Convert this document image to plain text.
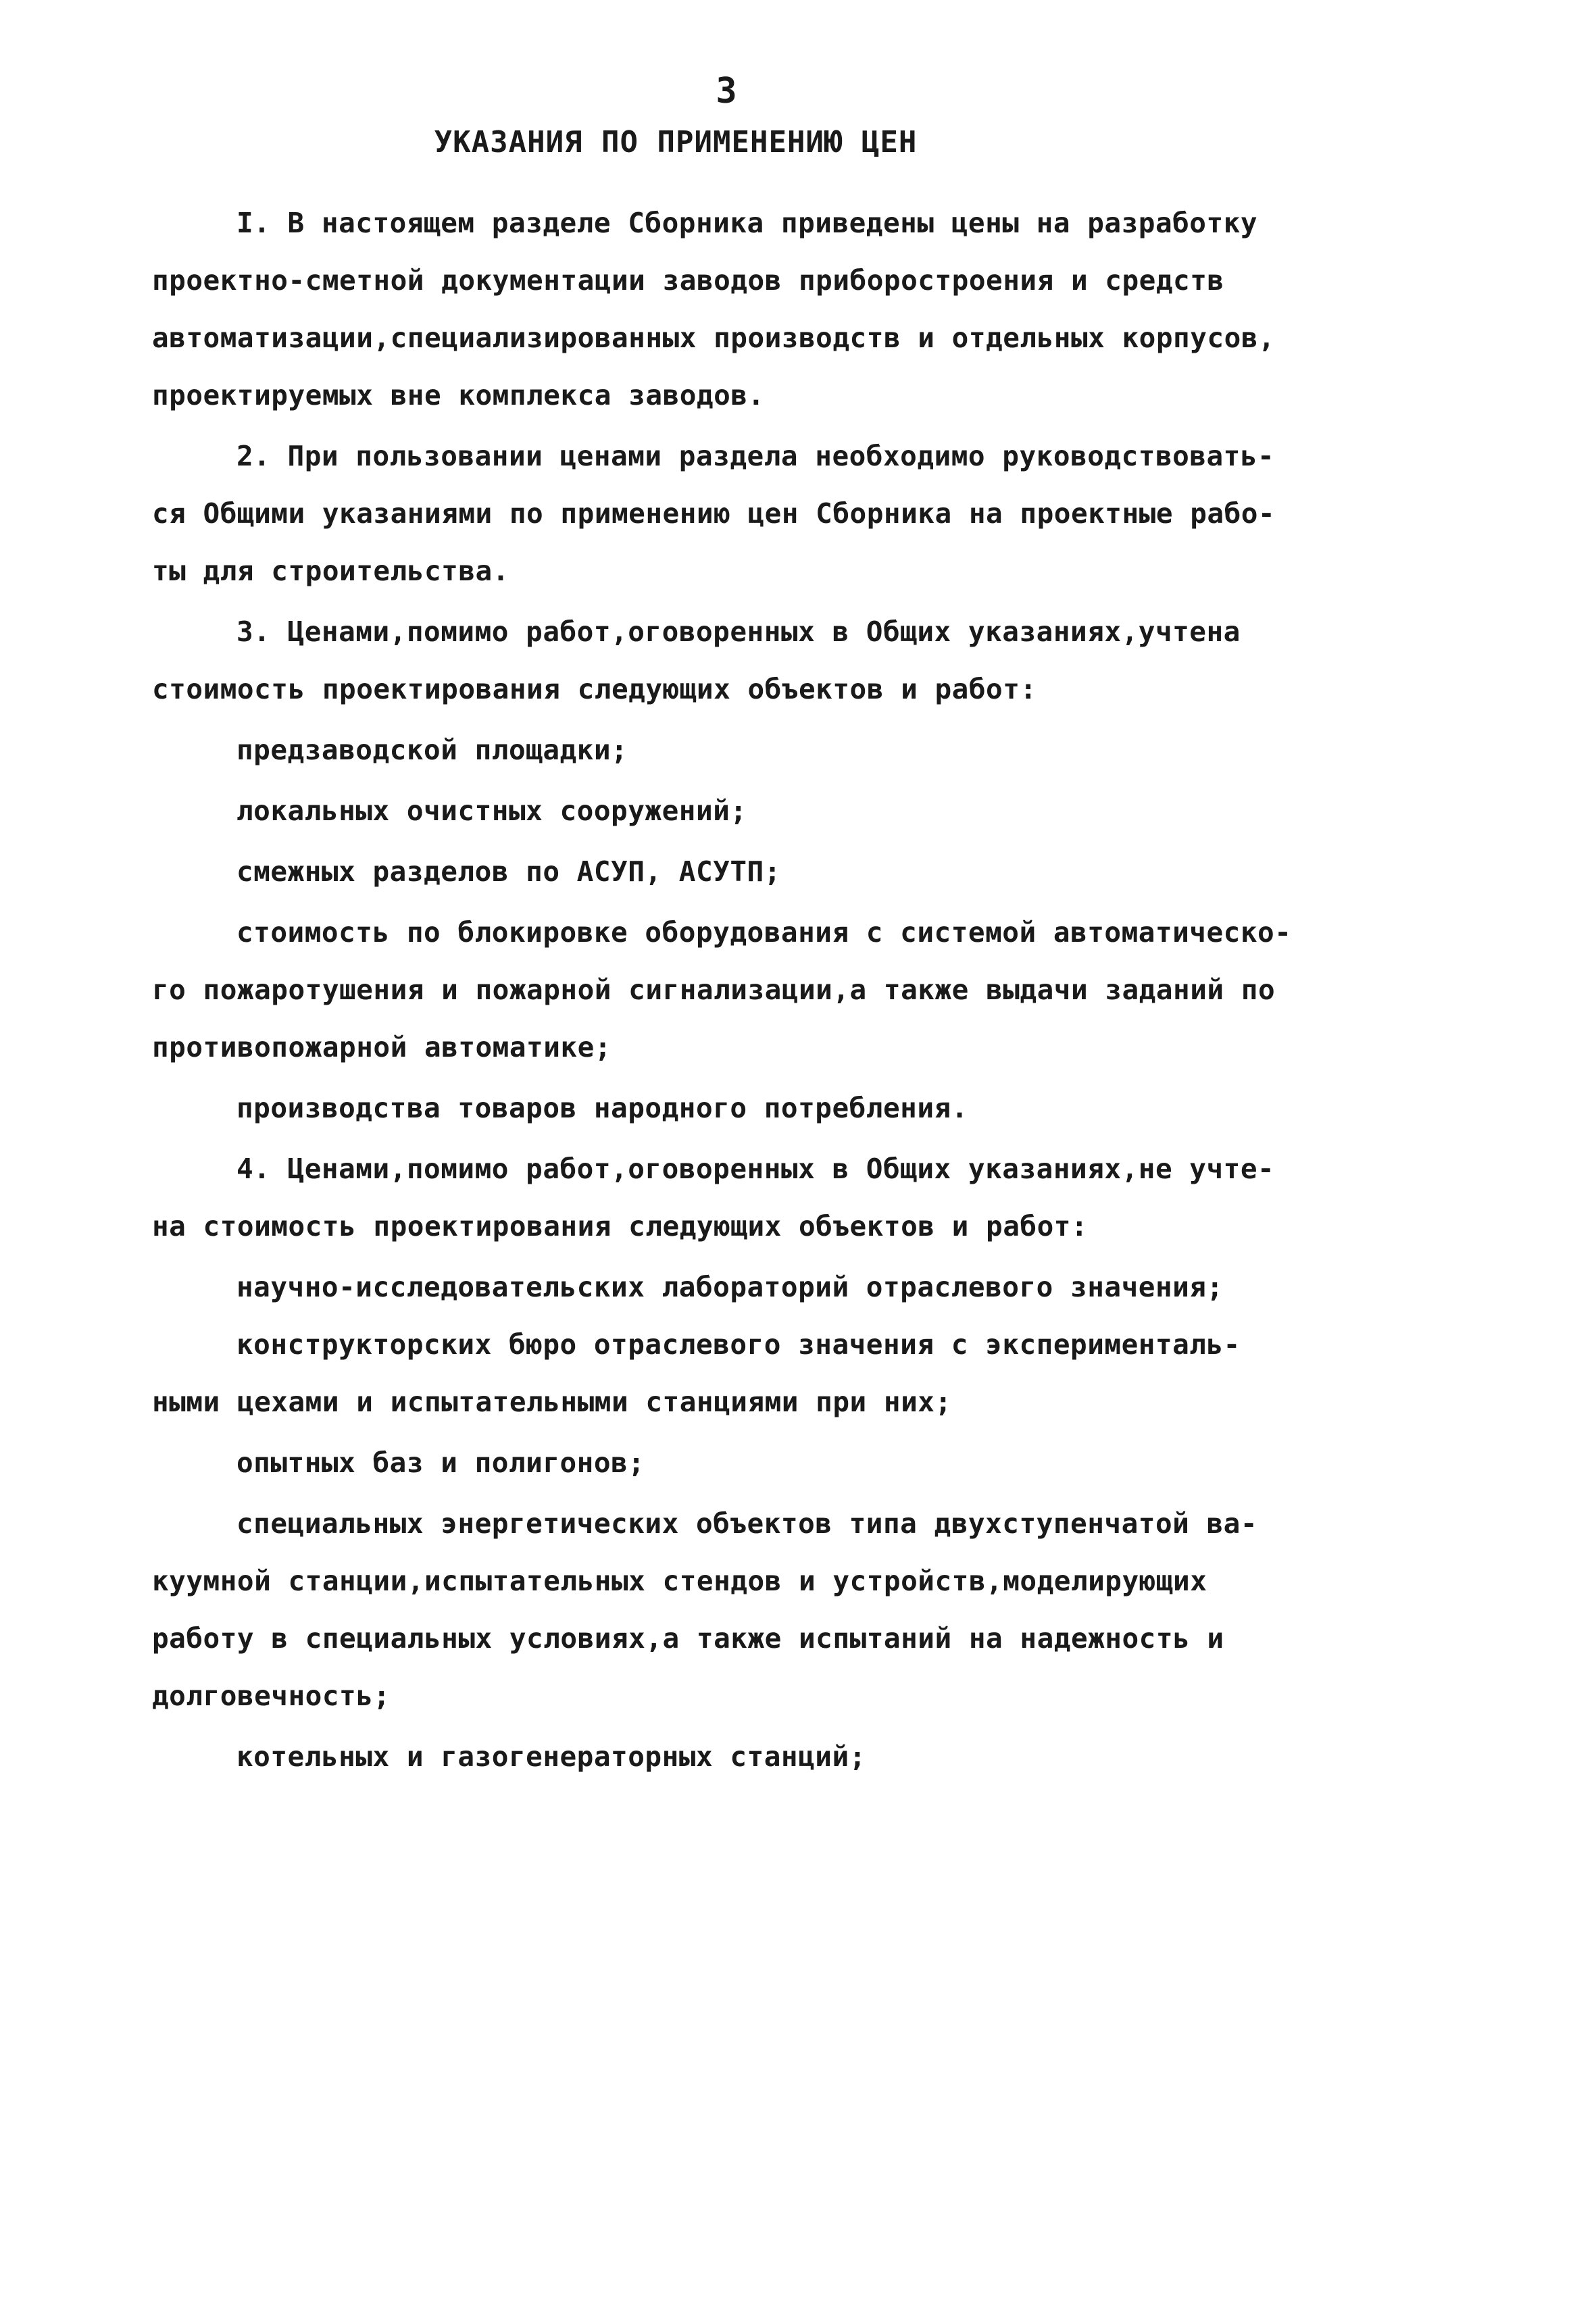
3
УКАЗАНИЯ ПО ПРИМЕНЕНИЮ ЦЕН
I. В настоящем разделе Сборника приведены цены на разработку
проектно-сметной документации заводов приборостроения и средств
автоматизации,специализированных производств и отдельных корпусов,
проектируемых вне комплекса заводов.
2. При пользовании ценами раздела необходимо руководствовать-
ся Общими указаниями по применению цен Сборника на проектные рабо-
ты для строительства.
3. Ценами,помимо работ,оговоренных в Общих указаниях,учтена
стоимость проектирования следующих объектов и работ:
предзаводской площадки;
локальных очистных сооружений;
смежных разделов по АСУП, АСУТП;
стоимость по блокировке оборудования с системой автоматическо-
го пожаротушения и пожарной сигнализации,а также выдачи заданий по
противопожарной автоматике;
производства товаров народного потребления.
4. Ценами,помимо работ,оговоренных в Общих указаниях,не учте-
на стоимость проектирования следующих объектов и работ:
научно-исследовательских лабораторий отраслевого значения;
конструкторских бюро отраслевого значения с эксперименталь-
ными цехами и испытательными станциями при них;
опытных баз и полигонов;
специальных энергетических объектов типа двухступенчатой ва-
куумной станции,испытательных стендов и устройств,моделирующих
работу в специальных условиях,а также испытаний на надежность и
долговечность;
котельных и газогенераторных станций;
